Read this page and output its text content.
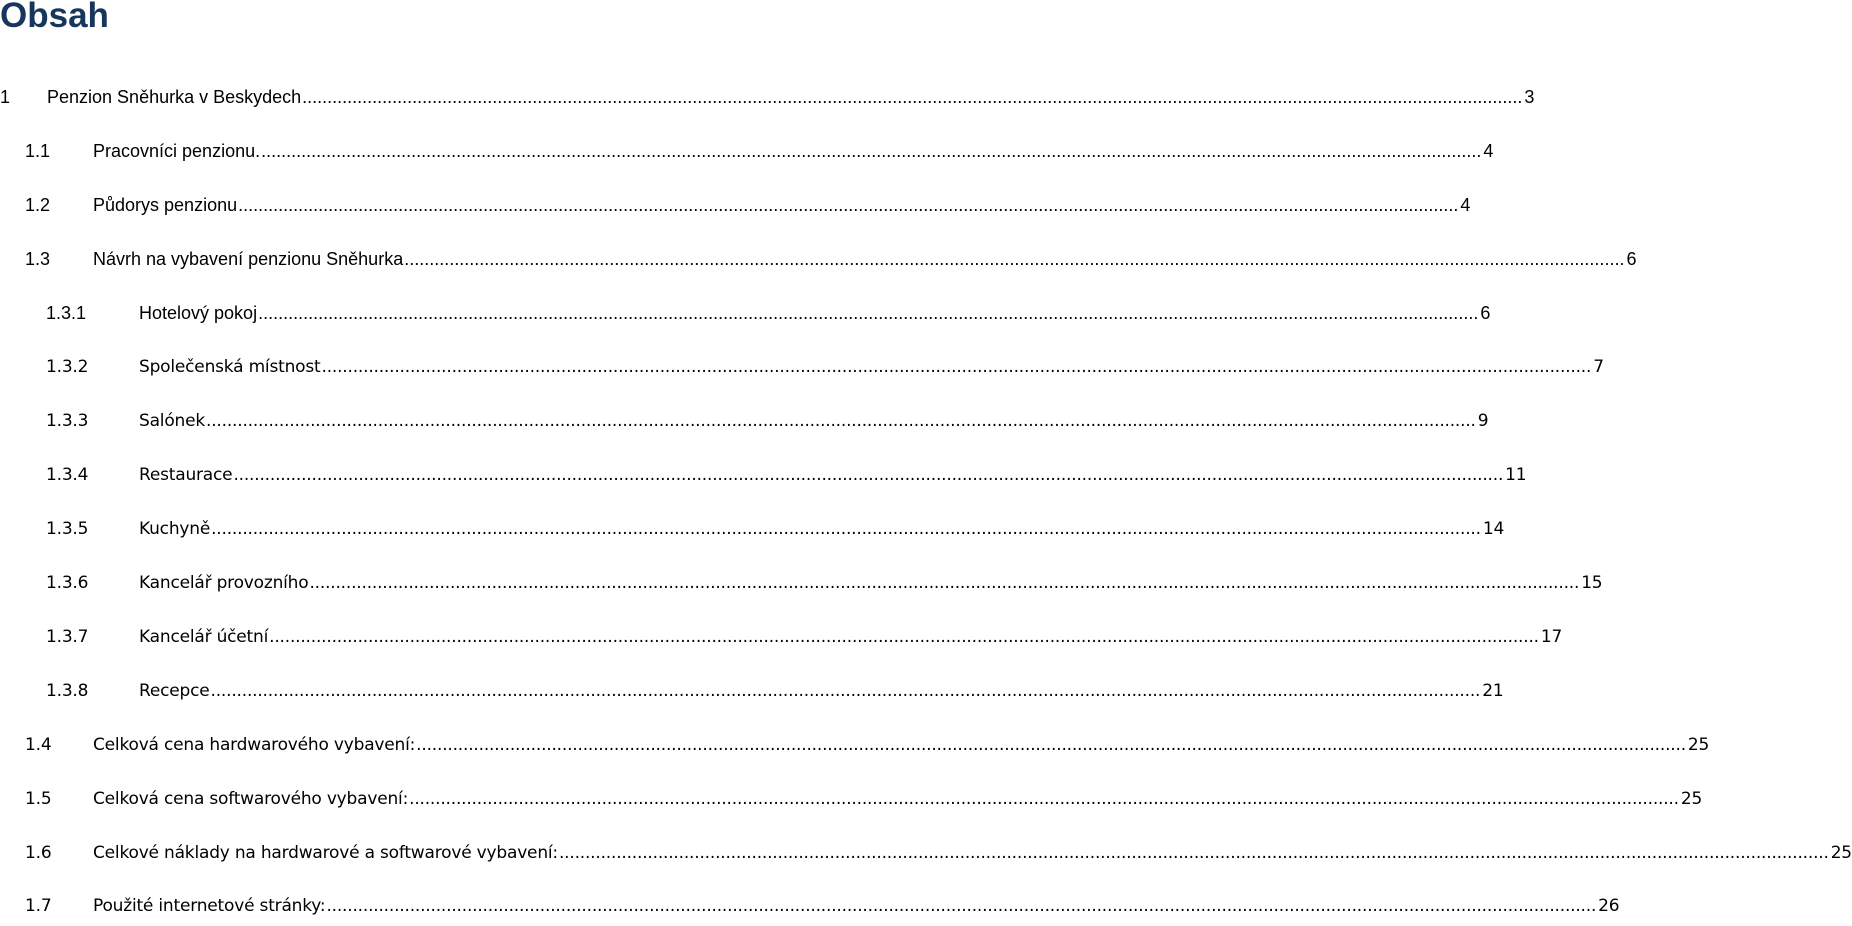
Obsah
1 Penzion Sněhurka v Beskydech .....	3
1.1 Pracovníci penzionu. .....	4
1.2 Půdorys penzionu .....	4
1.3 Návrh na vybavení penzionu Sněhurka .....	6
1.3.1	Hotelový pokoj .....	6
1.3.2	Společenská místnost .....	7
1.3.3	Salónek .....	9
1.3.4	Restaurace .....	11
1.3.5	Kuchyně .....	14
1.3.6	Kancelář provozního .....	15
1.3.7	Kancelář účetní .....	17
1.3.8	Recepce .....	21
1.4 Celková cena hardwarového vybavení: .....	25
1.5 Celková cena softwarového vybavení: .....	25
1.6 Celkové náklady na hardwarové a softwarové vybavení: .....	25
1.7 Použité internetové stránky: .....	26
